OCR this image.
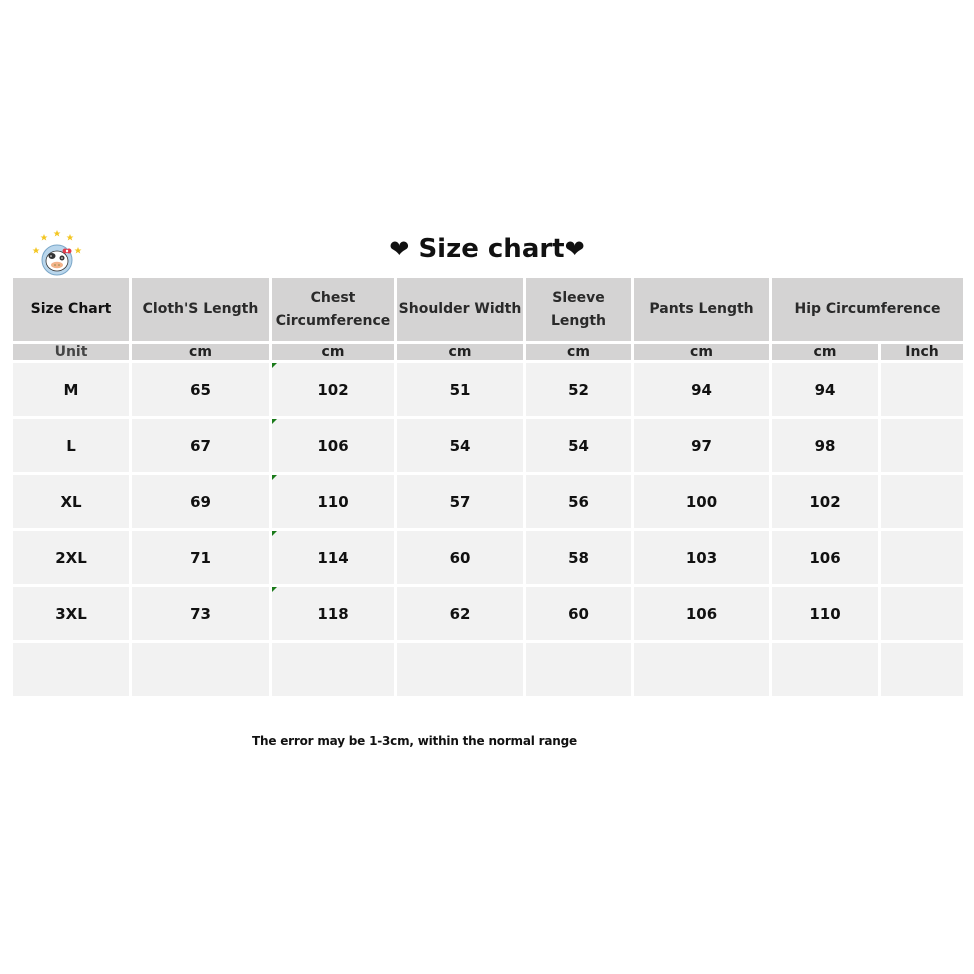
❤ Size chart❤
Size Chart	Cloth'S Length	Chest
Circumference	Shoulder Width	Sleeve Length	Pants Length	Hip Circumference	
Unit	cm	cm	cm	cm	cm	cm	Inch
M	65	102	51	52	94	94	
L	67	106	54	54	97	98	
XL	69	110	57	56	100	102	
2XL	71	114	60	58	103	106	
3XL	73	118	62	60	106	110	

The error may be 1-3cm, within the normal range
